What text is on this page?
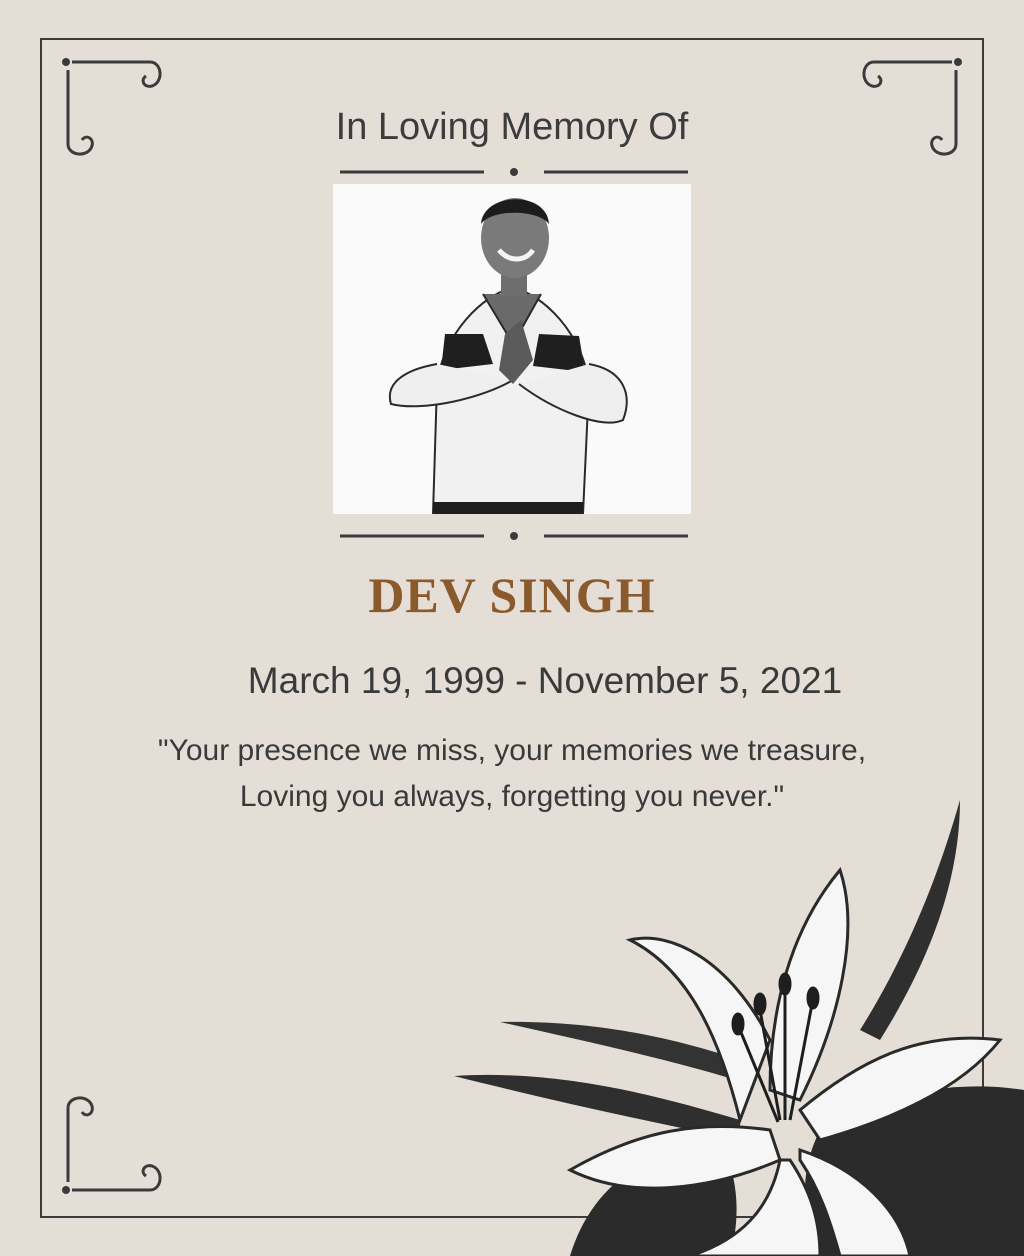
In Loving Memory Of
DEV SINGH
March 19, 1999 - November 5, 2021
"Your presence we miss, your memories we treasure,
Loving you always, forgetting you never."
